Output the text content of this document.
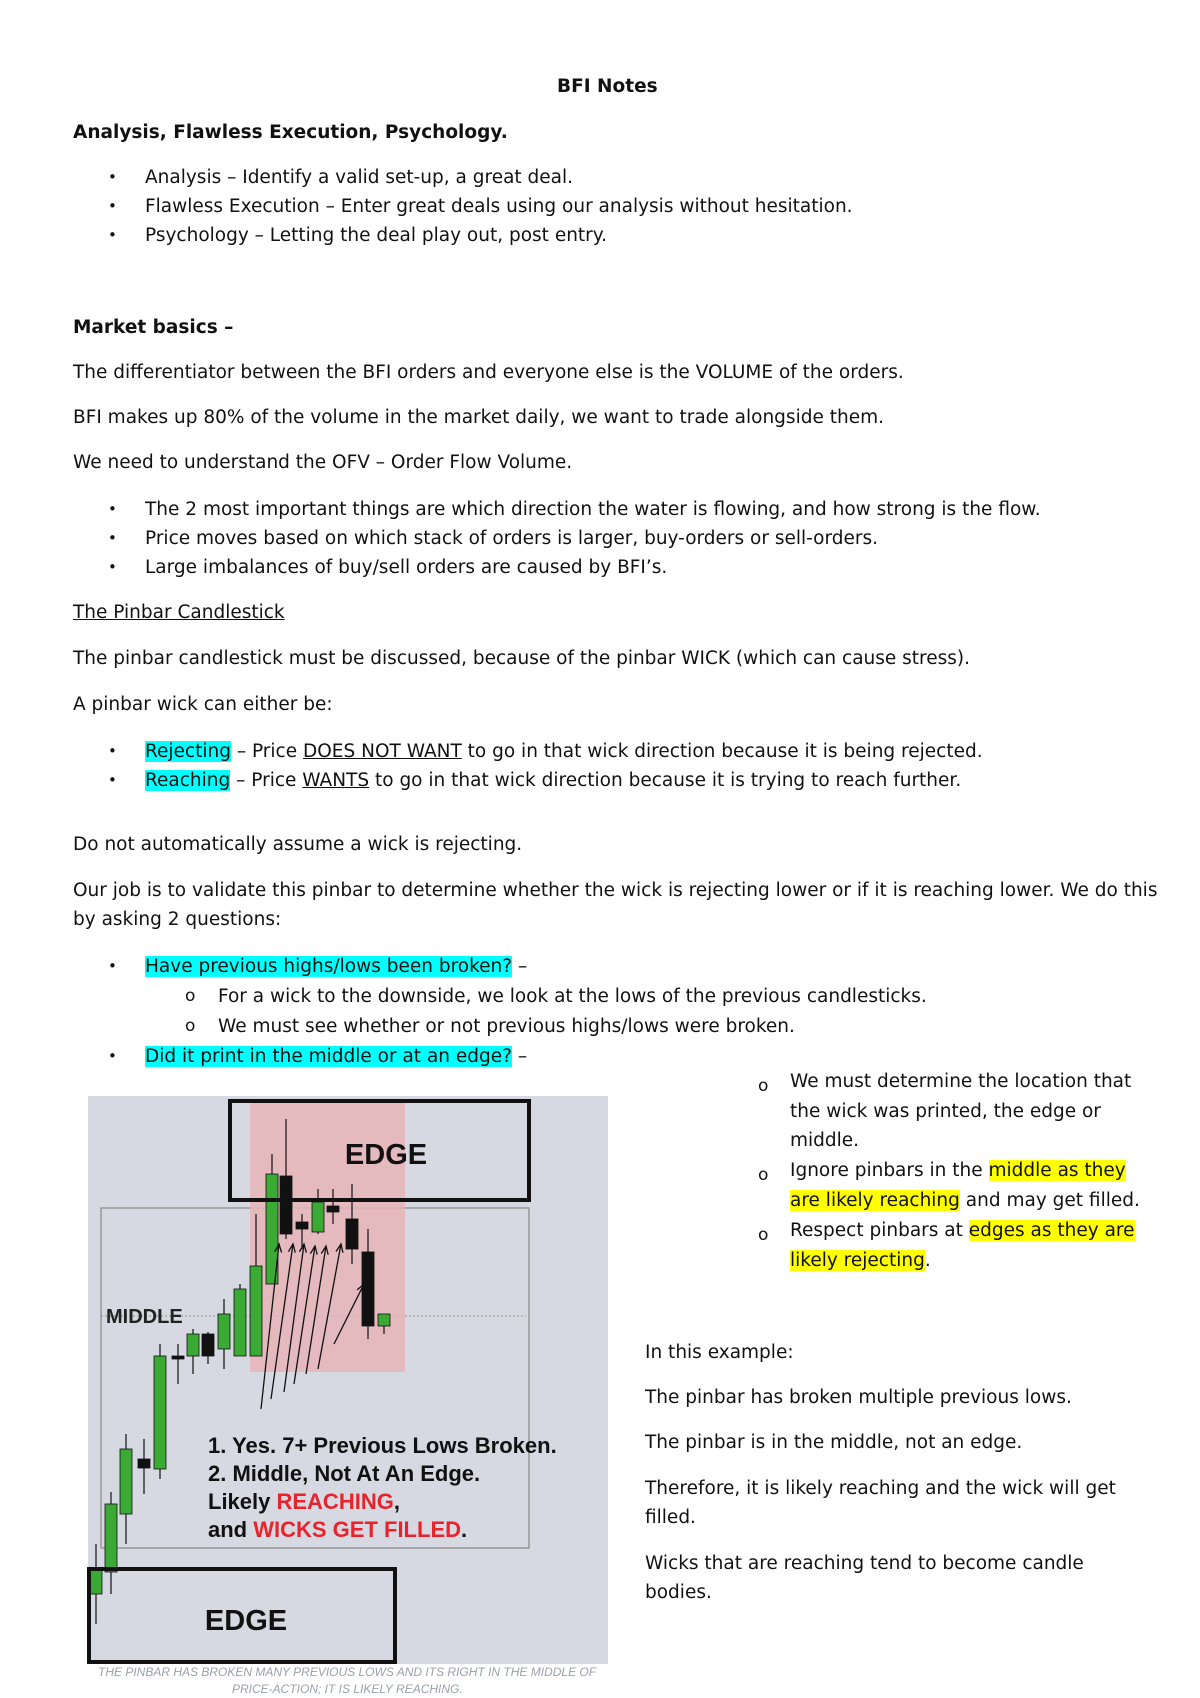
BFI Notes
Analysis, Flawless Execution, Psychology.
• Analysis – Identify a valid set-up, a great deal.
• Flawless Execution – Enter great deals using our analysis without hesitation.
• Psychology – Letting the deal play out, post entry.
Market basics –
The differentiator between the BFI orders and everyone else is the VOLUME of the orders.
BFI makes up 80% of the volume in the market daily, we want to trade alongside them.
We need to understand the OFV – Order Flow Volume.
• The 2 most important things are which direction the water is flowing, and how strong is the flow.
• Price moves based on which stack of orders is larger, buy-orders or sell-orders.
• Large imbalances of buy/sell orders are caused by BFI’s.
The Pinbar Candlestick
The pinbar candlestick must be discussed, because of the pinbar WICK (which can cause stress).
A pinbar wick can either be:
• Rejecting – Price DOES NOT WANT to go in that wick direction because it is being rejected.
• Reaching – Price WANTS to go in that wick direction because it is trying to reach further.
Do not automatically assume a wick is rejecting.
Our job is to validate this pinbar to determine whether the wick is rejecting lower or if it is reaching lower. We do this
by asking 2 questions:
• Have previous highs/lows been broken? –
o For a wick to the downside, we look at the lows of the previous candlesticks.
o We must see whether or not previous highs/lows were broken.
• Did it print in the middle or at an edge? –
o We must determine the location that
the wick was printed, the edge or
middle.
o Ignore pinbars in the middle as they
are likely reaching and may get filled.
o Respect pinbars at edges as they are
likely rejecting.
In this example:
The pinbar has broken multiple previous lows.
The pinbar is in the middle, not an edge.
Therefore, it is likely reaching and the wick will get
filled.
Wicks that are reaching tend to become candle
bodies.
EDGE
MIDDLE
EDGE
1. Yes. 7+ Previous Lows Broken.
2. Middle, Not At An Edge.
Likely REACHING,
and WICKS GET FILLED.
THE PINBAR HAS BROKEN MANY PREVIOUS LOWS AND ITS RIGHT IN THE MIDDLE OF
PRICE-ACTION; IT IS LIKELY REACHING.
